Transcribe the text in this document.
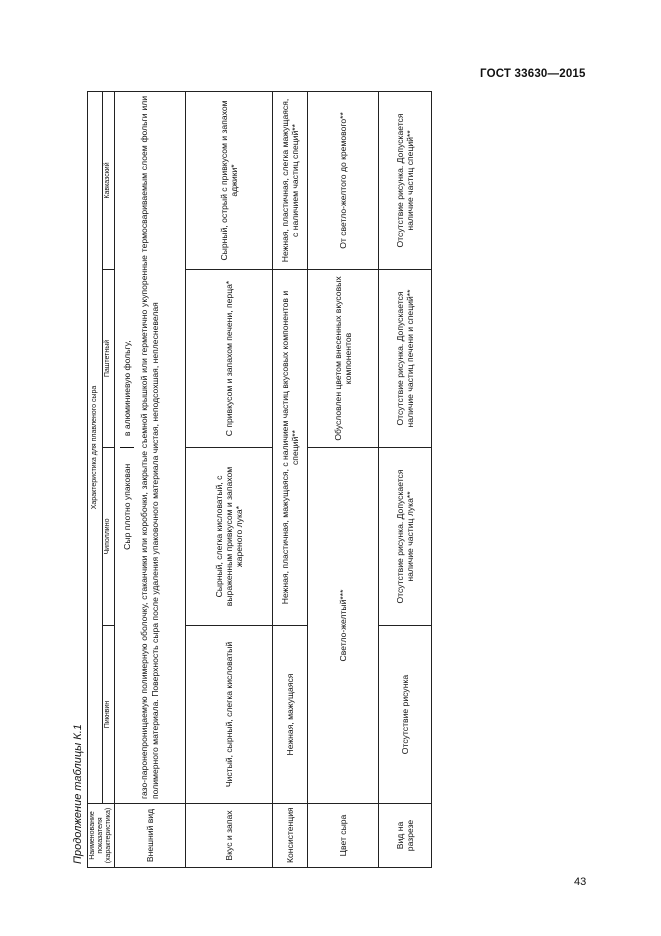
ГОСТ 33630—2015
Продолжение таблицы К.1 Наименование показателя (характеристика)	Характеристика для плавленого сыра			
	Пикнвин	Чиполлино	Паштетный	Кавказский
Внешний вид	Сыр плотно упакован
в алюминиевую фольгу, газо-паронепроницаемую полимерную оболочку, стаканчики или коробочки, закрытые съемной крышкой или герметично укупоренные термосвариваемым слоем фольги или полимерного материала. Поверхность сыра после удаления упаковочного материала чистая, неподсохшая, неплесневелая			

Вкус и запах	Чистый, сырный, слегка кисловатый	Сырный, слегка кисловатый, с выраженным привкусом и запахом жареного лука*	С привкусом и запахом печени, перца*	Сырный, острый с привкусом и запахом аджики*
Консистенция	Нежная, мажущаяся	Нежная, пластичная, мажущаяся, с наличием частиц вкусовых компонентов и специй**		Нежная, пластичная, слегка мажущаяся, с наличием частиц специй**
Цвет сыра	Светло-желтый***		Обусловлен цветом внесенных вкусовых компонентов	От светло-желтого до кремового**
Вид на разрезе	Отсутствие рисунка	Отсутствие рисунка. Допускается наличие частиц лука**	Отсутствие рисунка. Допускается наличие частиц печени и специй**	Отсутствие рисунка. Допускается наличие частиц специй**
43
